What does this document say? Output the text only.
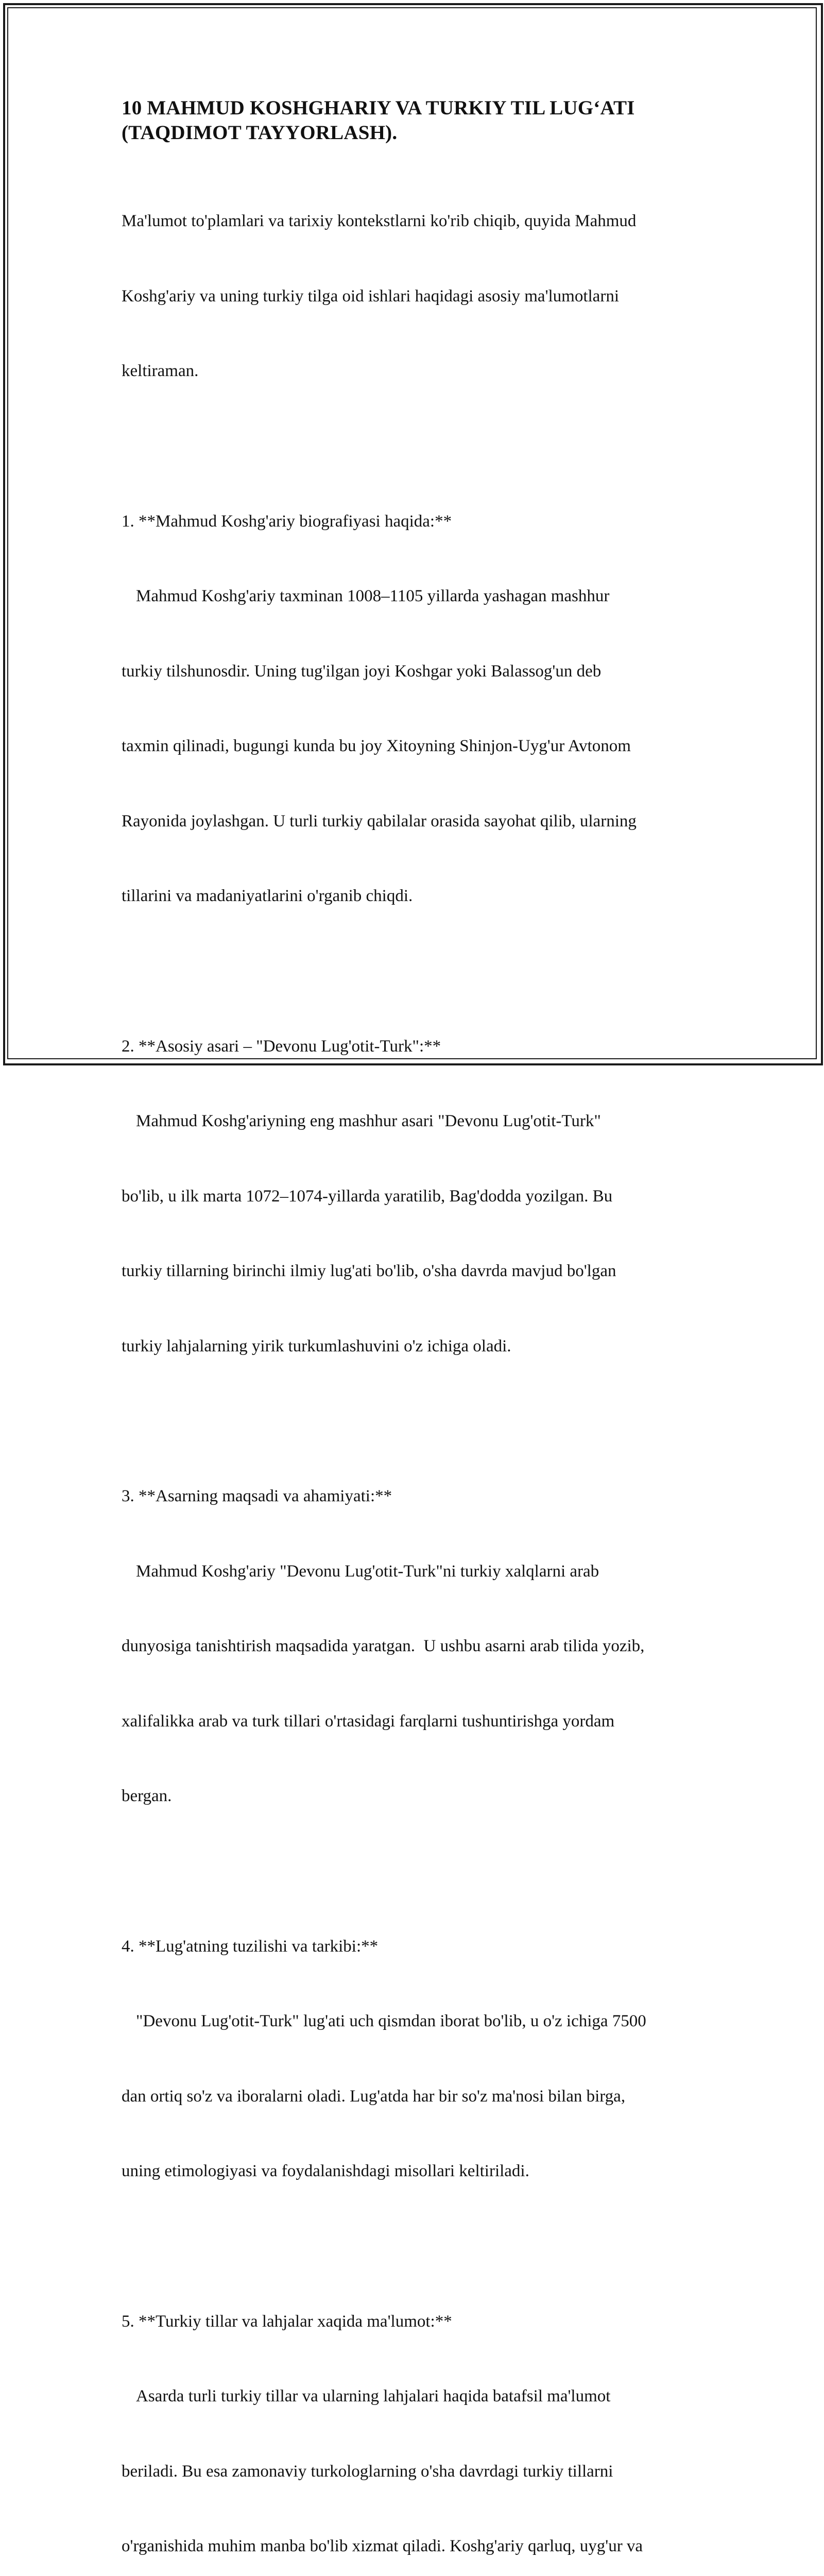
10 MAHMUD KOSHGHARIY VA TURKIY TIL LUG‘ATI
(TAQDIMOT TAYYORLASH).

Ma'lumot to'plamlari va tarixiy kontekstlarni ko'rib chiqib, quyida Mahmud

Koshg'ariy va uning turkiy tilga oid ishlari haqidagi asosiy ma'lumotlarni

keltiraman.

1. **Mahmud Koshg'ariy biografiyasi haqida:**

Mahmud Koshg'ariy taxminan 1008–1105 yillarda yashagan mashhur

turkiy tilshunosdir. Uning tug'ilgan joyi Koshgar yoki Balassog'un deb

taxmin qilinadi, bugungi kunda bu joy Xitoyning Shinjon-Uyg'ur Avtonom

Rayonida joylashgan. U turli turkiy qabilalar orasida sayohat qilib, ularning

tillarini va madaniyatlarini o'rganib chiqdi.

2. **Asosiy asari – "Devonu Lug'otit-Turk":**

Mahmud Koshg'ariyning eng mashhur asari "Devonu Lug'otit-Turk"

bo'lib, u ilk marta 1072–1074-yillarda yaratilib, Bag'dodda yozilgan. Bu

turkiy tillarning birinchi ilmiy lug'ati bo'lib, o'sha davrda mavjud bo'lgan

turkiy lahjalarning yirik turkumlashuvini o'z ichiga oladi.

3. **Asarning maqsadi va ahamiyati:**

Mahmud Koshg'ariy "Devonu Lug'otit-Turk"ni turkiy xalqlarni arab

dunyosiga tanishtirish maqsadida yaratgan.  U ushbu asarni arab tilida yozib,

xalifalikka arab va turk tillari o'rtasidagi farqlarni tushuntirishga yordam

bergan.

4. **Lug'atning tuzilishi va tarkibi:**

"Devonu Lug'otit-Turk" lug'ati uch qismdan iborat bo'lib, u o'z ichiga 7500

dan ortiq so'z va iboralarni oladi. Lug'atda har bir so'z ma'nosi bilan birga,

uning etimologiyasi va foydalanishdagi misollari keltiriladi.

5. **Turkiy tillar va lahjalar xaqida ma'lumot:**

Asarda turli turkiy tillar va ularning lahjalari haqida batafsil ma'lumot

beriladi. Bu esa zamonaviy turkologlarning o'sha davrdagi turkiy tillarni

o'rganishida muhim manba bo'lib xizmat qiladi. Koshg'ariy qarluq, uyg'ur va
